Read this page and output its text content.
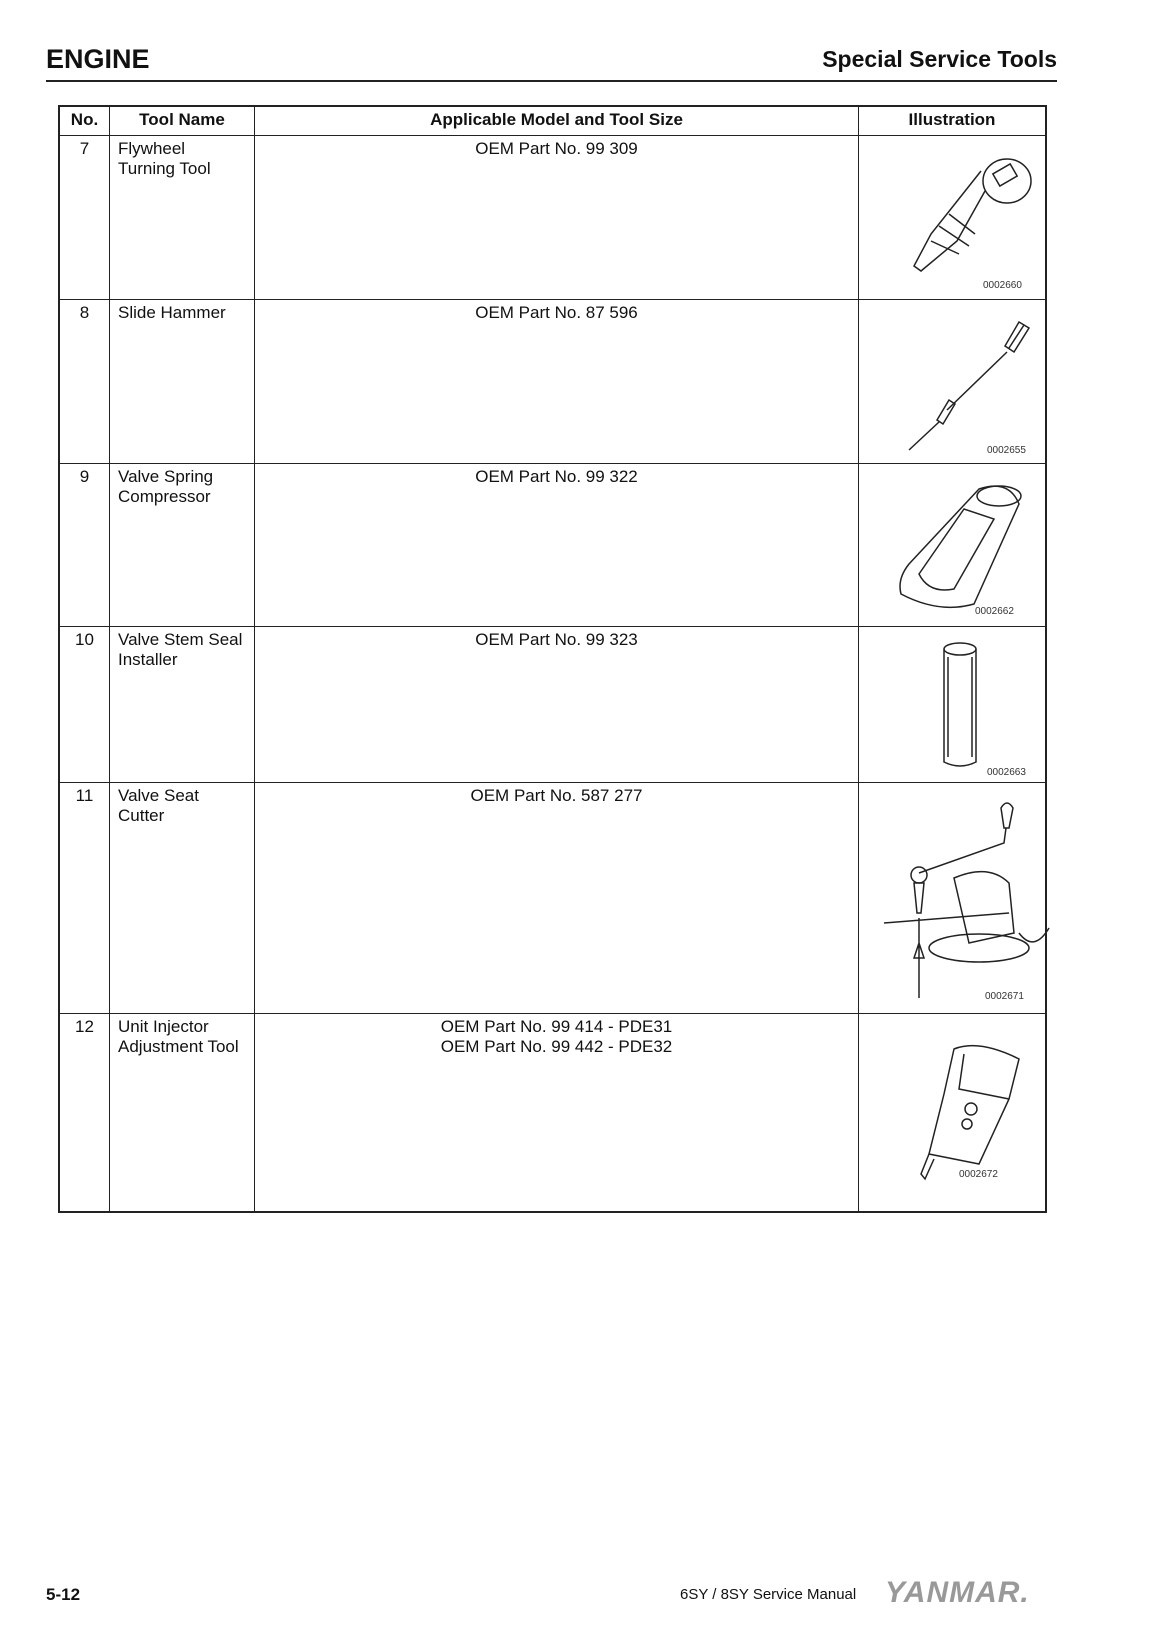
ENGINE	Special Service Tools
No.	Tool Name	Applicable Model and Tool Size	Illustration
7	Flywheel Turning Tool	OEM Part No. 99 309	0002660

8	Slide Hammer	OEM Part No. 87 596	0002655

9	Valve Spring Compressor	OEM Part No. 99 322	0002662

10	Valve Stem Seal Installer	OEM Part No. 99 323	0002663

11	Valve Seat Cutter	OEM Part No. 587 277	0002671

12	Unit Injector Adjustment Tool	OEM Part No. 99 414 - PDE31
OEM Part No. 99 442 - PDE32	0002672
5-12	6SY / 8SY Service Manual YANMAR.
